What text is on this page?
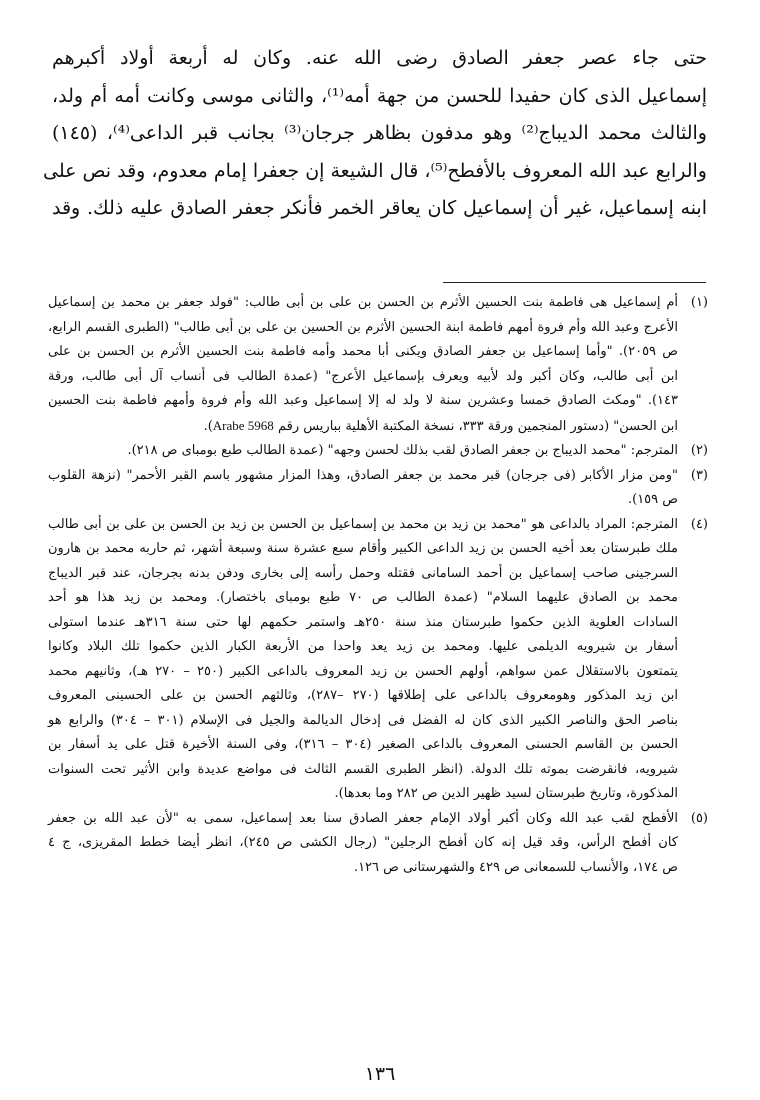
حتى جاء عصر جعفر الصادق رضى الله عنه. وكان له أربعة أولاد أكبرهم
إسماعيل الذى كان حفيدا للحسن من جهة أمه⁽¹⁾، والثانى موسى وكانت أمه أم ولد،
والثالث محمد الديباج⁽²⁾ وهو مدفون بظاهر جرجان⁽³⁾ بجانب قبر الداعى⁽⁴⁾، (١٤٥)
والرابع عبد الله المعروف بالأفطح⁽⁵⁾، قال الشيعة إن جعفرا إمام معدوم، وقد نص على
ابنه إسماعيل، غير أن إسماعيل كان يعاقر الخمر فأنكر جعفر الصادق عليه ذلك. وقد
(١)
أم إسماعيل هى فاطمة بنت الحسين الأثرم بن الحسن بن على بن أبى طالب: "فولد جعفر بن محمد بن إسماعيل
الأعرج وعبد الله وأم فروة أمهم فاطمة ابنة الحسين الأثرم بن الحسين بن على بن أبى طالب" (الطبرى القسم الرابع،
ص ٢٠٥٩). "وأما إسماعيل بن جعفر الصادق ويكنى أبا محمد وأمه فاطمة بنت الحسين الأثرم بن الحسن بن على
ابن أبى طالب، وكان أكبر ولد لأبيه ويعرف بإسماعيل الأعرج" (عمدة الطالب فى أنساب آل أبى طالب، ورقة
١٤٣). "ومكث الصادق خمسا وعشرين سنة لا ولد له إلا إسماعيل وعبد الله وأم فروة وأمهم فاطمة بنت الحسين
ابن الحسن" (دستور المنجمين ورقة ٣٣٣، نسخة المكتبة الأهلية بباريس رقم Arabe 5968).
(٢)
المترجم: "محمد الديباج بن جعفر الصادق لقب بذلك لحسن وجهه" (عمدة الطالب طبع بومباى ص ٢١٨).
(٣)
"ومن مزار الأكابر (فى جرجان) قبر محمد بن جعفر الصادق، وهذا المزار مشهور باسم القبر الأحمر" (نزهة القلوب
ص ١٥٩).
(٤)
المترجم: المراد بالداعى هو "محمد بن زيد بن محمد بن إسماعيل بن الحسن بن زيد بن الحسن بن على بن أبى طالب
ملك طبرستان بعد أخيه الحسن بن زيد الداعى الكبير وأقام سبع عشرة سنة وسبعة أشهر، ثم حاربه محمد بن هارون
السرجينى صاحب إسماعيل بن أحمد السامانى فقتله وحمل رأسه إلى بخارى ودفن بدنه بجرجان، عند قبر الديباج
محمد بن الصادق عليهما السلام" (عمدة الطالب ص ٧٠ طبع بومباى باختصار). ومحمد بن زيد هذا هو أحد
السادات العلوية الذين حكموا طبرستان منذ سنة ٢٥٠هـ واستمر حكمهم لها حتى سنة ٣١٦هـ عندما استولى
أسفار بن شيرويه الديلمى عليها. ومحمد بن زيد يعد واحدا من الأربعة الكبار الذين حكموا تلك البلاد وكانوا
يتمتعون بالاستقلال عمن سواهم، أولهم الحسن بن زيد المعروف بالداعى الكبير (٢٥٠ – ٢٧٠ هـ)، وثانيهم محمد
ابن زيد المذكور وهومعروف بالداعى على إطلاقها (٢٧٠ –٢٨٧)، وثالثهم الحسن بن على الحسينى المعروف
بناصر الحق والناصر الكبير الذى كان له الفضل فى إدخال الديالمة والجيل فى الإسلام (٣٠١ – ٣٠٤) والرابع هو
الحسن بن القاسم الحسنى المعروف بالداعى الصغير (٣٠٤ – ٣١٦)، وفى السنة الأخيرة قتل على يد أسفار بن
شيرويه، فانقرضت بموته تلك الدولة. (انظر الطبرى القسم الثالث فى مواضع عديدة وابن الأثير تحت السنوات
المذكورة، وتاريخ طبرستان لسيد ظهير الدين ص ٢٨٢ وما بعدها).
(٥)
الأفطح لقب عبد الله وكان أكبر أولاد الإمام جعفر الصادق سنا بعد إسماعيل، سمى به "لأن عبد الله بن جعفر
كان أفطح الرأس، وقد قيل إنه كان أفطح الرجلين" (رجال الكشى ص ٢٤٥)، انظر أيضا خطط المقريزى، ج ٤
ص ١٧٤، والأنساب للسمعانى ص ٤٢٩ والشهرستانى ص ١٢٦.
١٣٦
